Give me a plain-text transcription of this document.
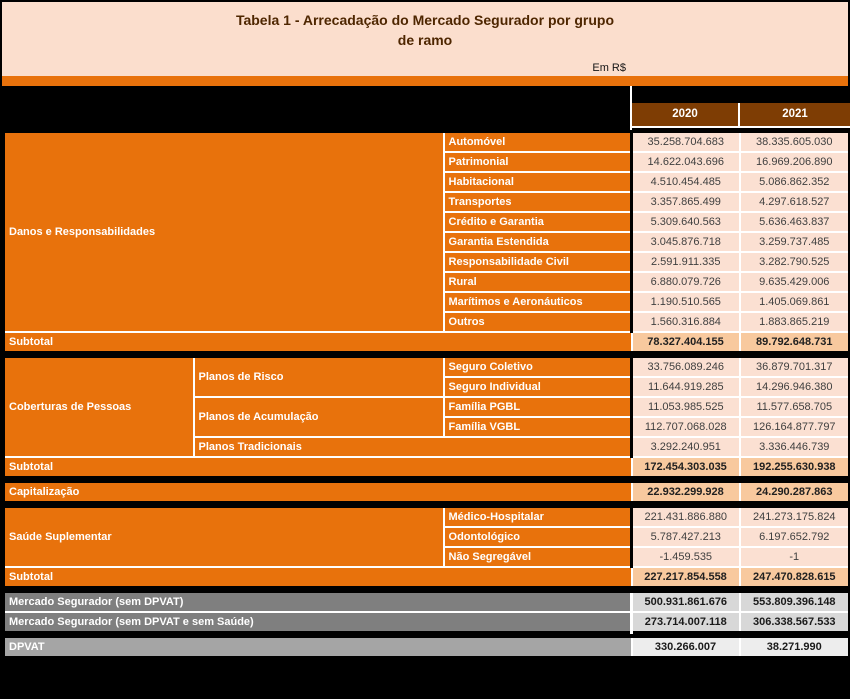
Tabela 1 - Arrecadação do Mercado Segurador por grupo
de ramo
Em R$
2020	2021
Danos e Responsabilidades		Automóvel	35.258.704.683	38.335.605.030
		Patrimonial	14.622.043.696	16.969.206.890
		Habitacional	4.510.454.485	5.086.862.352
		Transportes	3.357.865.499	4.297.618.527
		Crédito e Garantia	5.309.640.563	5.636.463.837
		Garantia Estendida	3.045.876.718	3.259.737.485
		Responsabilidade Civil	2.591.911.335	3.282.790.525
		Rural	6.880.079.726	9.635.429.006
		Marítimos e Aeronáuticos	1.190.510.565	1.405.069.861
		Outros	1.560.316.884	1.883.865.219
Subtotal			78.327.404.155	89.792.648.731

Coberturas de Pessoas	Planos de Risco	Seguro Coletivo	33.756.089.246	36.879.701.317
		Seguro Individual	11.644.919.285	14.296.946.380
	Planos de Acumulação	Família PGBL	11.053.985.525	11.577.658.705
		Família VGBL	112.707.068.028	126.164.877.797
	Planos Tradicionais		3.292.240.951	3.336.446.739
Subtotal			172.454.303.035	192.255.630.938

Capitalização			22.932.299.928	24.290.287.863

Saúde Suplementar		Médico-Hospitalar	221.431.886.880	241.273.175.824
		Odontológico	5.787.427.213	6.197.652.792
		Não Segregável	-1.459.535	-1
Subtotal			227.217.854.558	247.470.828.615

Mercado Segurador (sem DPVAT)			500.931.861.676	553.809.396.148
Mercado Segurador (sem DPVAT e sem Saúde)			273.714.007.118	306.338.567.533

DPVAT			330.266.007	38.271.990
